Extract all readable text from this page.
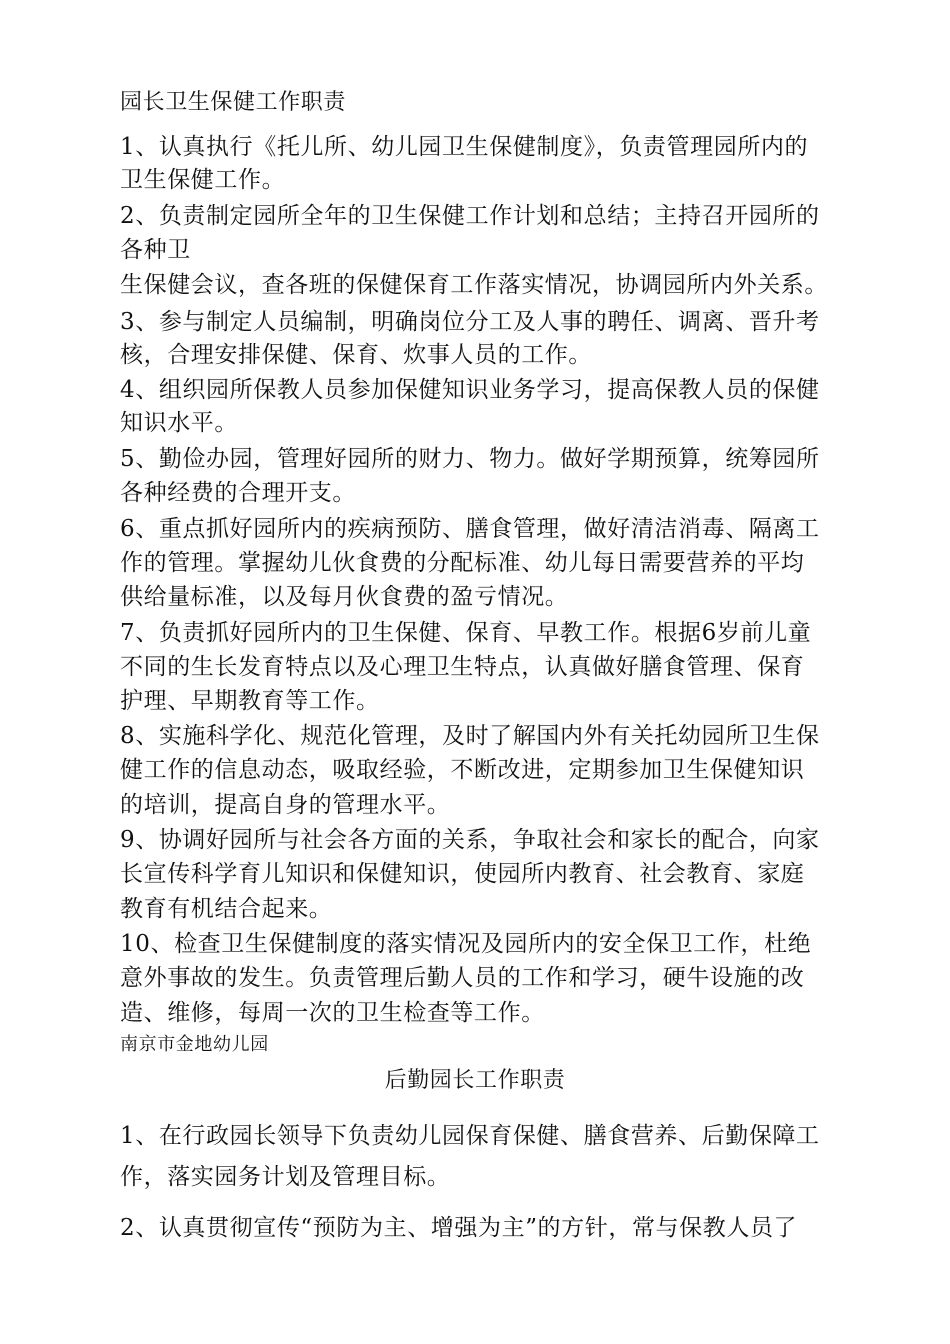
园长卫生保健工作职责
1、认真执行《托儿所、幼儿园卫生保健制度》，负责管理园所内的
卫生保健工作。
2、负责制定园所全年的卫生保健工作计划和总结；主持召开园所的
各种卫
生保健会议，查各班的保健保育工作落实情况，协调园所内外关系。
3、参与制定人员编制，明确岗位分工及人事的聘任、调离、晋升考
核，合理安排保健、保育、炊事人员的工作。
4、组织园所保教人员参加保健知识业务学习，提高保教人员的保健
知识水平。
5、勤俭办园，管理好园所的财力、物力。做好学期预算，统筹园所
各种经费的合理开支。
6、重点抓好园所内的疾病预防、膳食管理，做好清洁消毒、隔离工
作的管理。掌握幼儿伙食费的分配标准、幼儿每日需要营养的平均
供给量标准，以及每月伙食费的盈亏情况。
7、负责抓好园所内的卫生保健、保育、早教工作。根据6岁前儿童
不同的生长发育特点以及心理卫生特点，认真做好膳食管理、保育
护理、早期教育等工作。
8、实施科学化、规范化管理，及时了解国内外有关托幼园所卫生保
健工作的信息动态，吸取经验，不断改进，定期参加卫生保健知识
的培训，提高自身的管理水平。
9、协调好园所与社会各方面的关系，争取社会和家长的配合，向家
长宣传科学育儿知识和保健知识，使园所内教育、社会教育、家庭
教育有机结合起来。
10、检查卫生保健制度的落实情况及园所内的安全保卫工作，杜绝
意外事故的发生。负责管理后勤人员的工作和学习，硬牛设施的改
造、维修，每周一次的卫生检查等工作。
南京市金地幼儿园
后勤园长工作职责
1、在行政园长领导下负责幼儿园保育保健、膳食营养、后勤保障工
作，落实园务计划及管理目标。
2、认真贯彻宣传“预防为主、增强为主”的方针，常与保教人员了
